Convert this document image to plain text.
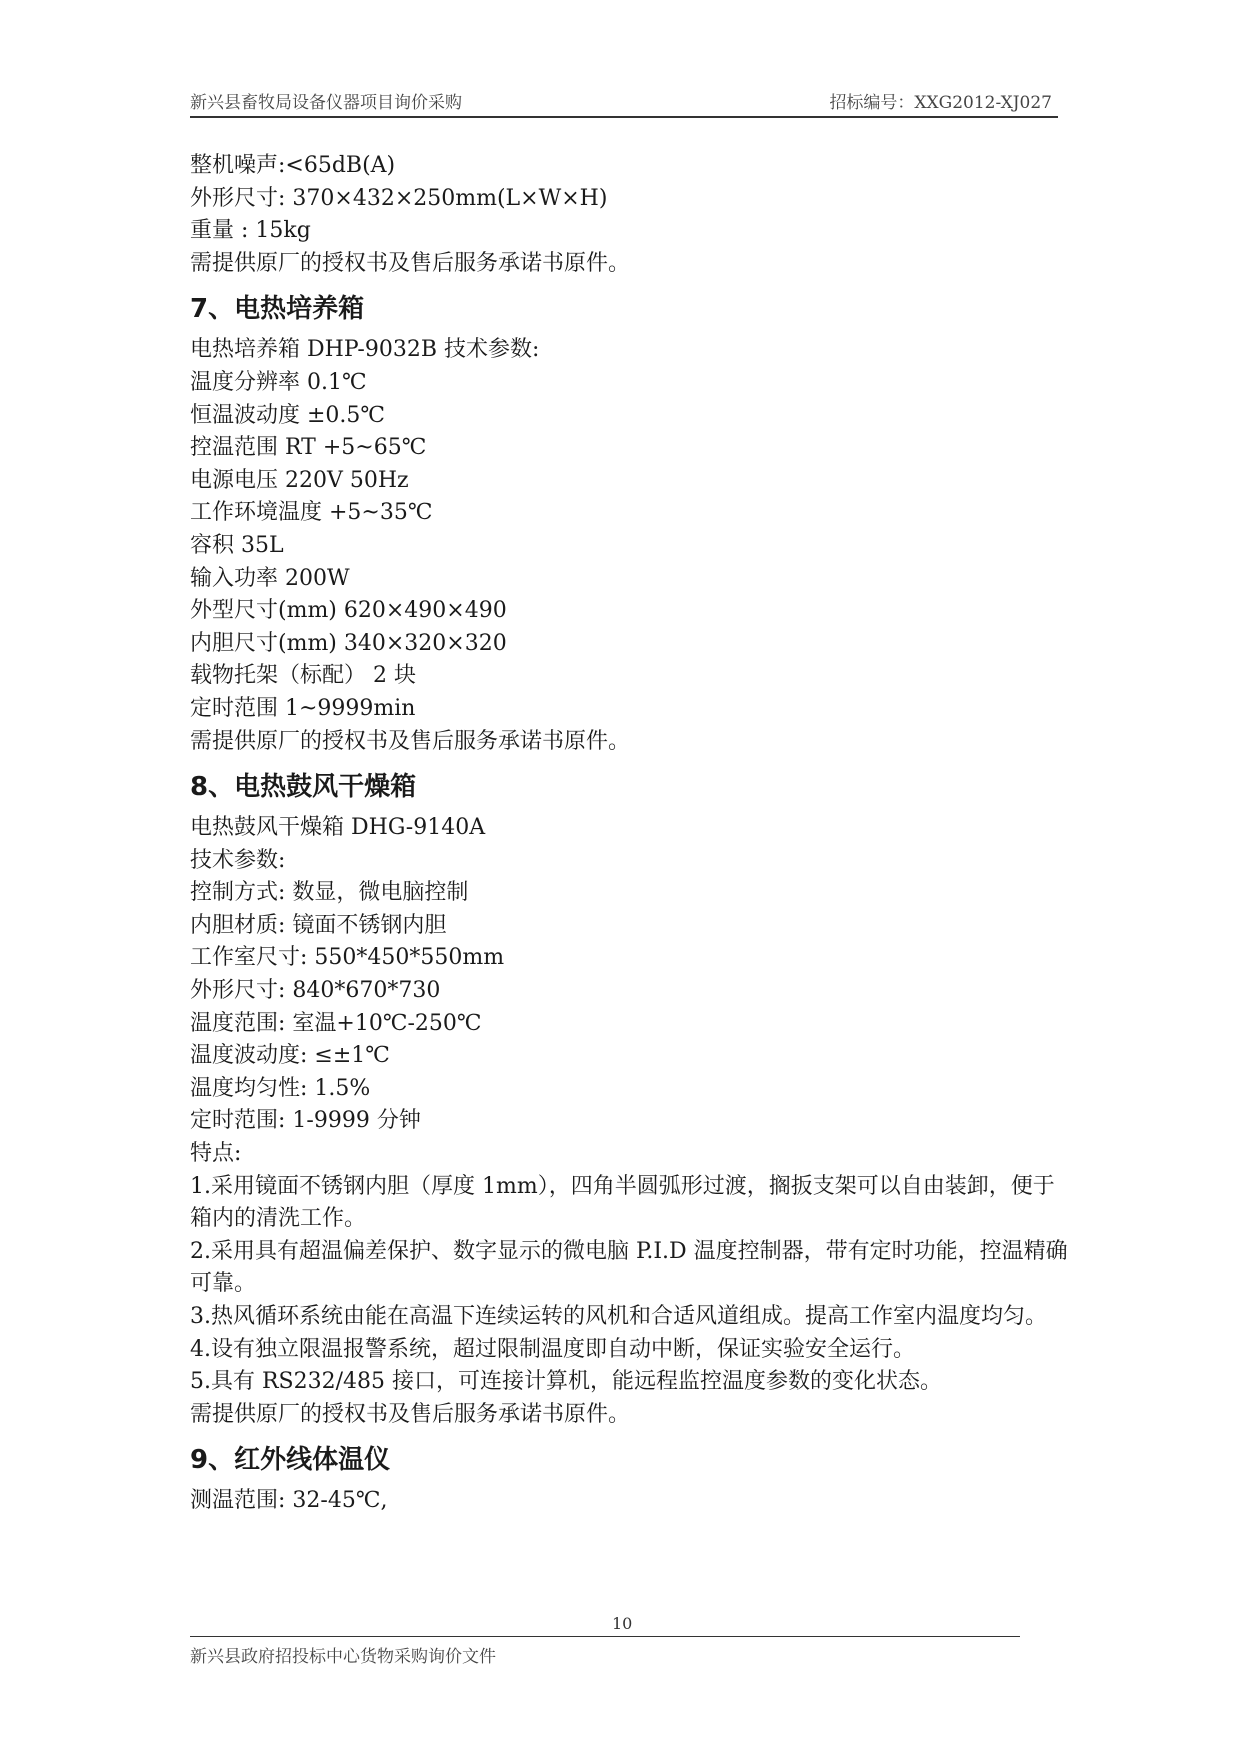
新兴县畜牧局设备仪器项目询价采购	招标编号：XXG2012-XJ027

整机噪声:<65dB(A)

外形尺寸: 370×432×250mm(L×W×H)

重量 : 15kg

需提供原厂的授权书及售后服务承诺书原件。

7、电热培养箱

电热培养箱 DHP-9032B 技术参数:

温度分辨率 0.1℃

恒温波动度 ±0.5℃

控温范围 RT +5~65℃

电源电压 220V 50Hz

工作环境温度 +5~35℃

容积 35L

输入功率 200W

外型尺寸(mm) 620×490×490

内胆尺寸(mm) 340×320×320

载物托架（标配） 2 块

定时范围 1~9999min

需提供原厂的授权书及售后服务承诺书原件。

8、电热鼓风干燥箱

电热鼓风干燥箱 DHG-9140A

技术参数:

控制方式: 数显，微电脑控制

内胆材质: 镜面不锈钢内胆

工作室尺寸: 550*450*550mm

外形尺寸: 840*670*730

温度范围: 室温+10℃-250℃

温度波动度: ≤±1℃

温度均匀性: 1.5%

定时范围: 1-9999 分钟

特点:

1.采用镜面不锈钢内胆（厚度 1mm），四角半圆弧形过渡，搁扳支架可以自由装卸，便于箱内的清洗工作。

2.采用具有超温偏差保护、数字显示的微电脑 P.I.D 温度控制器，带有定时功能，控温精确可靠。

3.热风循环系统由能在高温下连续运转的风机和合适风道组成。提高工作室内温度均匀。

4.设有独立限温报警系统，超过限制温度即自动中断，保证实验安全运行。

5.具有 RS232/485 接口，可连接计算机，能远程监控温度参数的变化状态。

需提供原厂的授权书及售后服务承诺书原件。

9、红外线体温仪

测温范围: 32-45℃,

10
新兴县政府招投标中心货物采购询价文件
